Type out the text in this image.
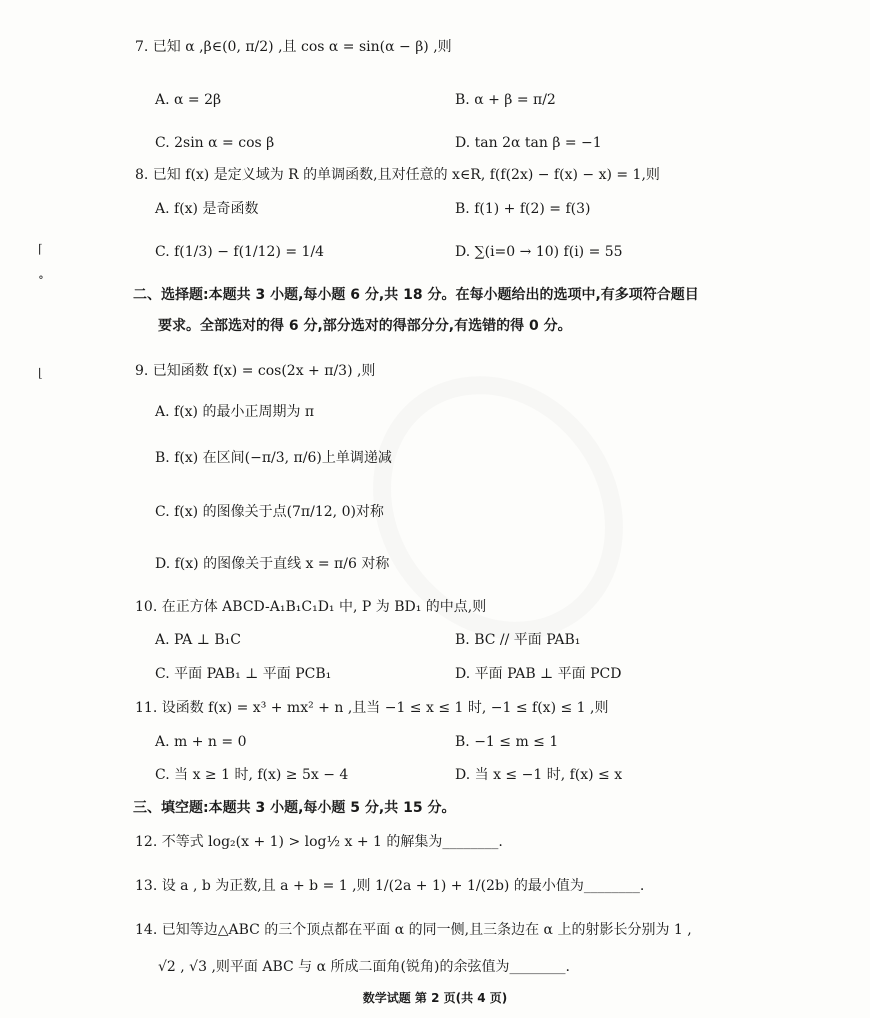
⌈
∘
⌊
7. 已知 α ,β∈(0, π/2) ,且 cos α = sin(α − β) ,则
A. α = 2β	B. α + β = π/2
C. 2sin α = cos β	D. tan 2α tan β = −1
8. 已知 f(x) 是定义域为 R 的单调函数,且对任意的 x∈R, f(f(2x) − f(x) − x) = 1,则
A. f(x) 是奇函数	B. f(1) + f(2) = f(3)
C. f(1/3) − f(1/12) = 1/4	D. ∑(i=0 → 10) f(i) = 55
二、选择题:本题共 3 小题,每小题 6 分,共 18 分。在每小题给出的选项中,有多项符合题目
要求。全部选对的得 6 分,部分选对的得部分分,有选错的得 0 分。
9. 已知函数 f(x) = cos(2x + π/3) ,则
A. f(x) 的最小正周期为 π
B. f(x) 在区间(−π/3, π/6)上单调递减
C. f(x) 的图像关于点(7π/12, 0)对称
D. f(x) 的图像关于直线 x = π/6 对称
10. 在正方体 ABCD-A₁B₁C₁D₁ 中, P 为 BD₁ 的中点,则
A. PA ⊥ B₁C	B. BC // 平面 PAB₁
C. 平面 PAB₁ ⊥ 平面 PCB₁	D. 平面 PAB ⊥ 平面 PCD
11. 设函数 f(x) = x³ + mx² + n ,且当 −1 ≤ x ≤ 1 时, −1 ≤ f(x) ≤ 1 ,则
A. m + n = 0	B. −1 ≤ m ≤ 1
C. 当 x ≥ 1 时, f(x) ≥ 5x − 4	D. 当 x ≤ −1 时, f(x) ≤ x
三、填空题:本题共 3 小题,每小题 5 分,共 15 分。
12. 不等式 log₂(x + 1) > log½ x + 1 的解集为________.
13. 设 a , b 为正数,且 a + b = 1 ,则 1/(2a + 1) + 1/(2b) 的最小值为________.
14. 已知等边△ABC 的三个顶点都在平面 α 的同一侧,且三条边在 α 上的射影长分别为 1 ,
√2 , √3 ,则平面 ABC 与 α 所成二面角(锐角)的余弦值为________.
数学试题 第 2 页(共 4 页)
